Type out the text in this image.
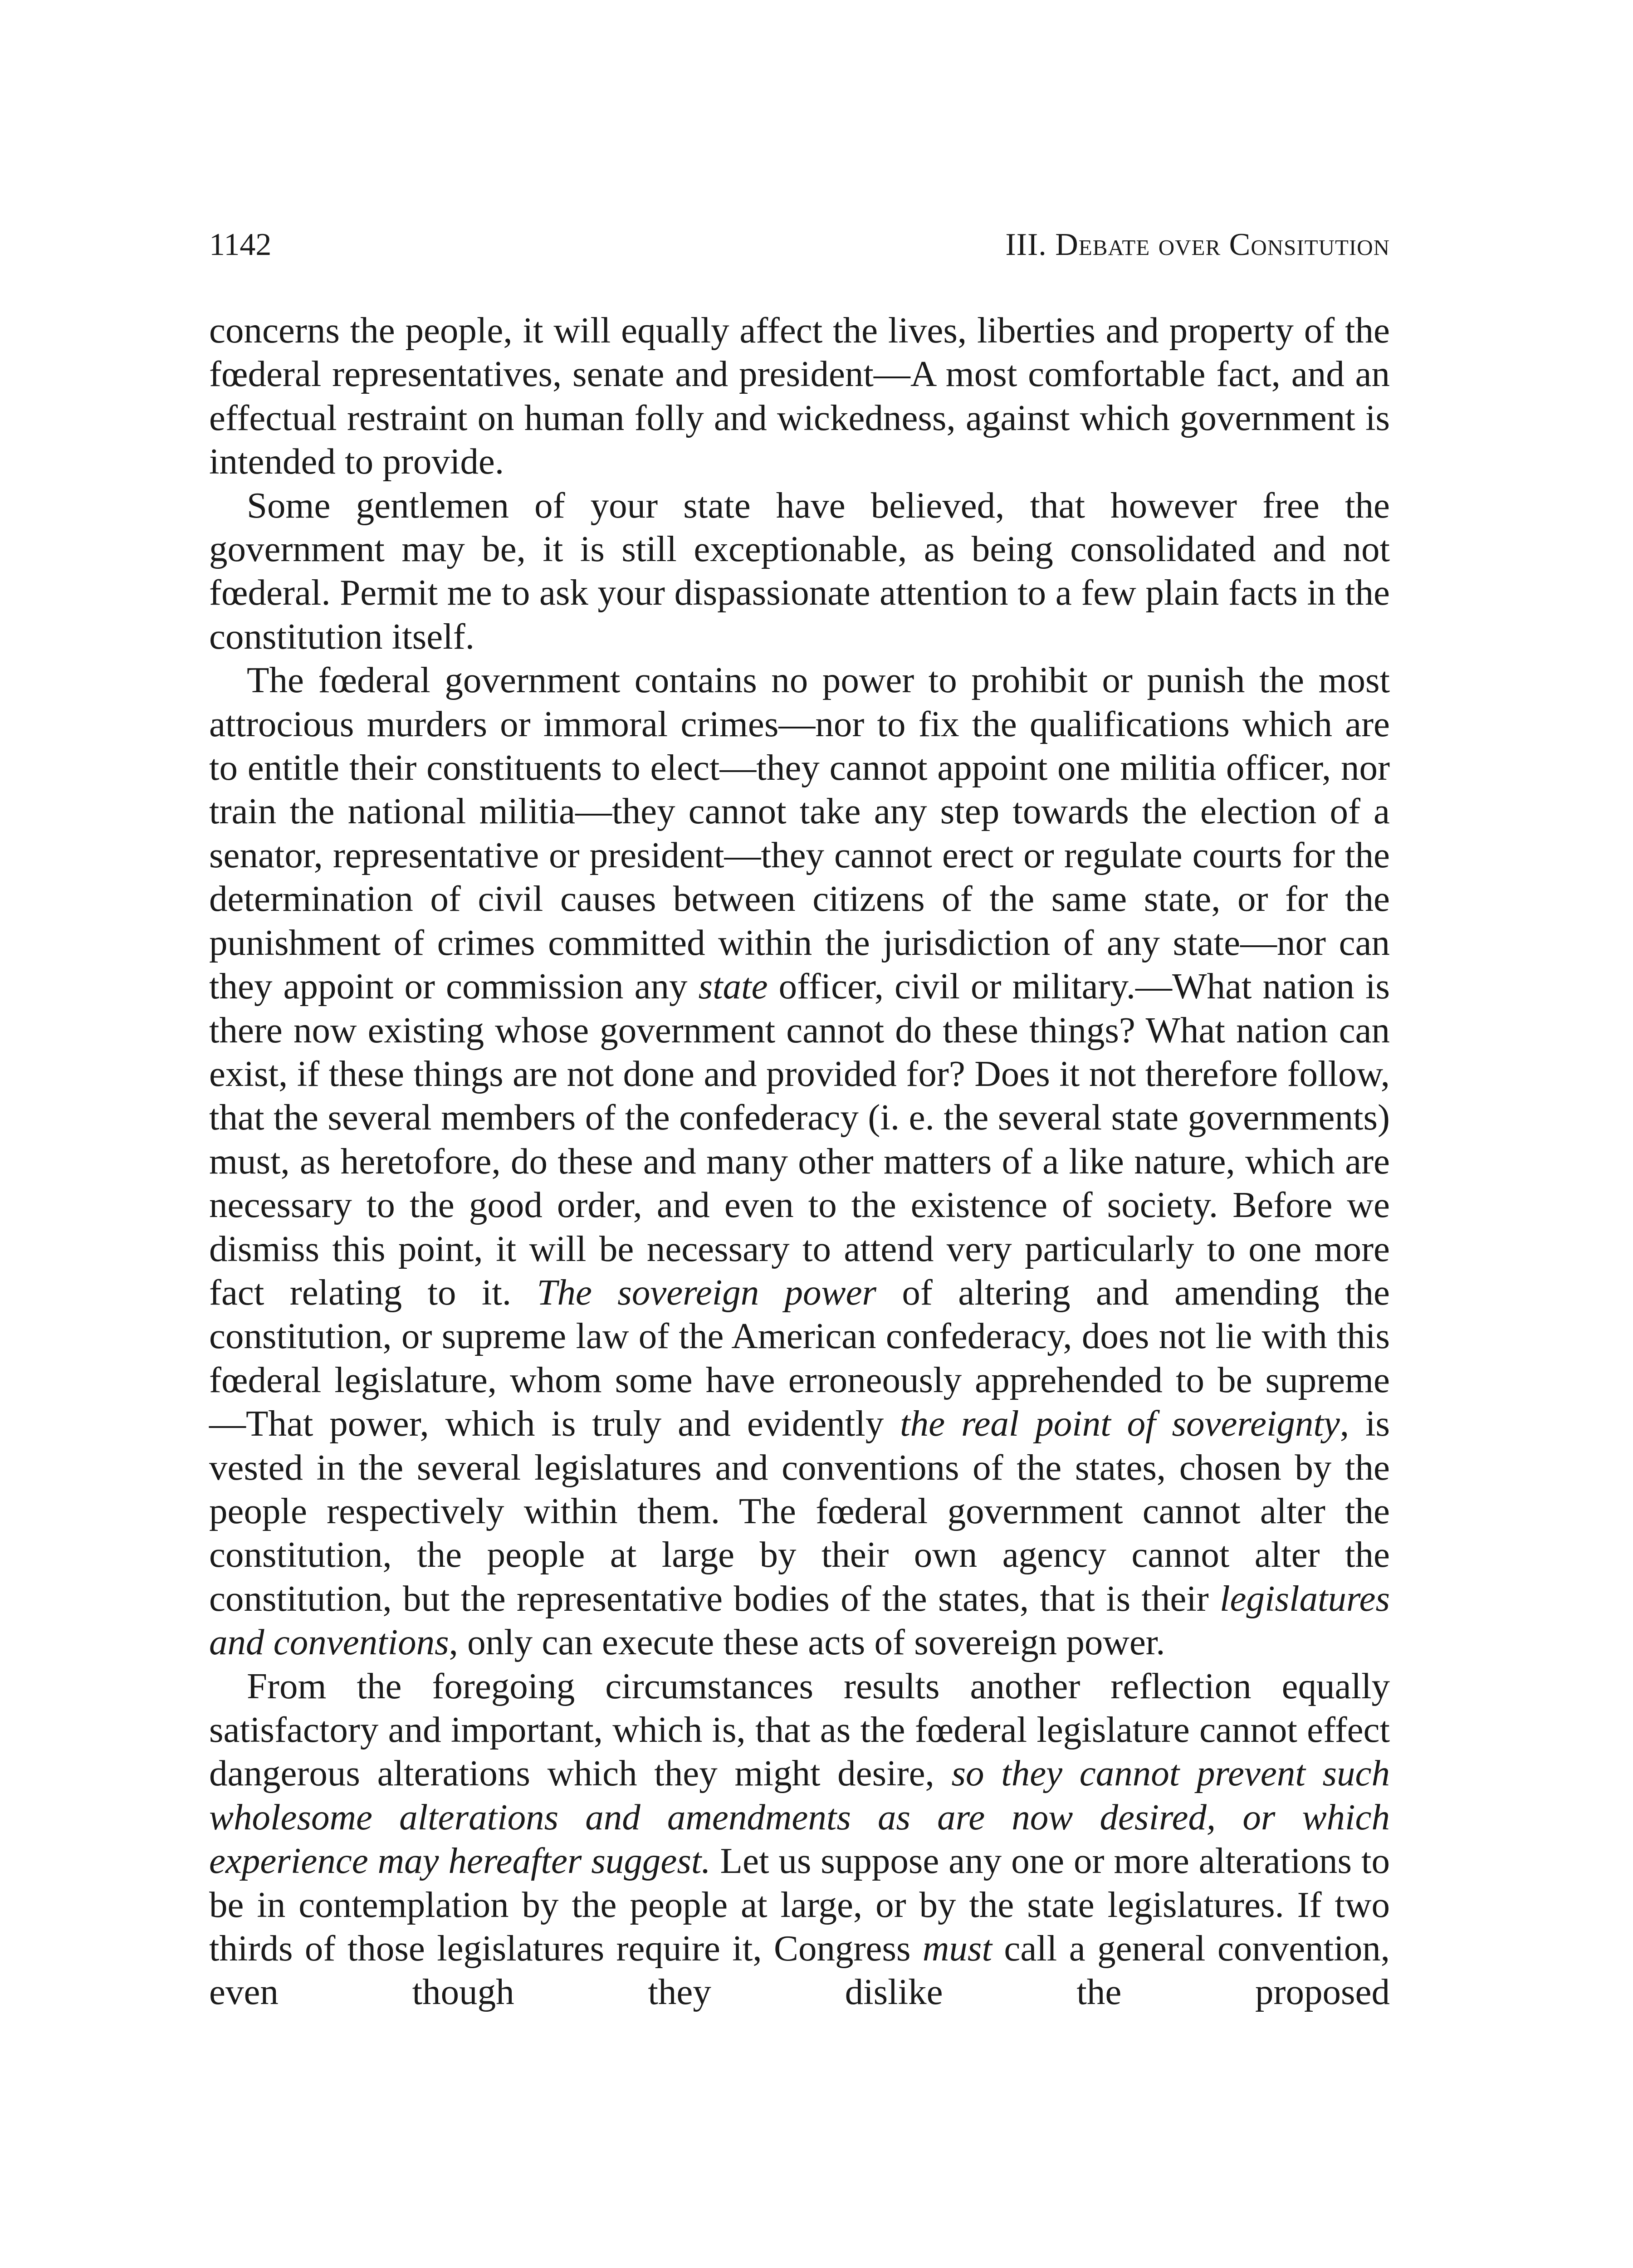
1142	III. Debate over Consitution

concerns the people, it will equally affect the lives, liberties and property of the fœderal representatives, senate and president—A most comfortable fact, and an effectual restraint on human folly and wickedness, against which government is intended to provide.

Some gentlemen of your state have believed, that however free the government may be, it is still exceptionable, as being consolidated and not fœderal. Permit me to ask your dispassionate attention to a few plain facts in the constitution itself.

The fœderal government contains no power to prohibit or punish the most attrocious murders or immoral crimes—nor to fix the qualifications which are to entitle their constituents to elect—they cannot appoint one militia officer, nor train the national militia—they cannot take any step towards the election of a senator, representative or president—they cannot erect or regulate courts for the determination of civil causes between citizens of the same state, or for the punishment of crimes committed within the jurisdiction of any state—nor can they appoint or commission any state officer, civil or military.—What nation is there now existing whose government cannot do these things? What nation can exist, if these things are not done and provided for? Does it not therefore follow, that the several members of the confederacy (i. e. the several state governments) must, as heretofore, do these and many other matters of a like nature, which are necessary to the good order, and even to the existence of society. Before we dismiss this point, it will be necessary to attend very particularly to one more fact relating to it. The sovereign power of altering and amending the constitution, or supreme law of the American confederacy, does not lie with this fœderal legislature, whom some have erroneously apprehended to be supreme—That power, which is truly and evidently the real point of sovereignty, is vested in the several legislatures and conventions of the states, chosen by the people respectively within them. The fœderal government cannot alter the constitution, the people at large by their own agency cannot alter the constitution, but the representative bodies of the states, that is their legislatures and conventions, only can execute these acts of sovereign power.

From the foregoing circumstances results another reflection equally satisfactory and important, which is, that as the fœderal legislature cannot effect dangerous alterations which they might desire, so they cannot prevent such wholesome alterations and amendments as are now desired, or which experience may hereafter suggest. Let us suppose any one or more alterations to be in contemplation by the people at large, or by the state legislatures. If two thirds of those legislatures require it, Congress must call a general convention, even though they dislike the proposed
